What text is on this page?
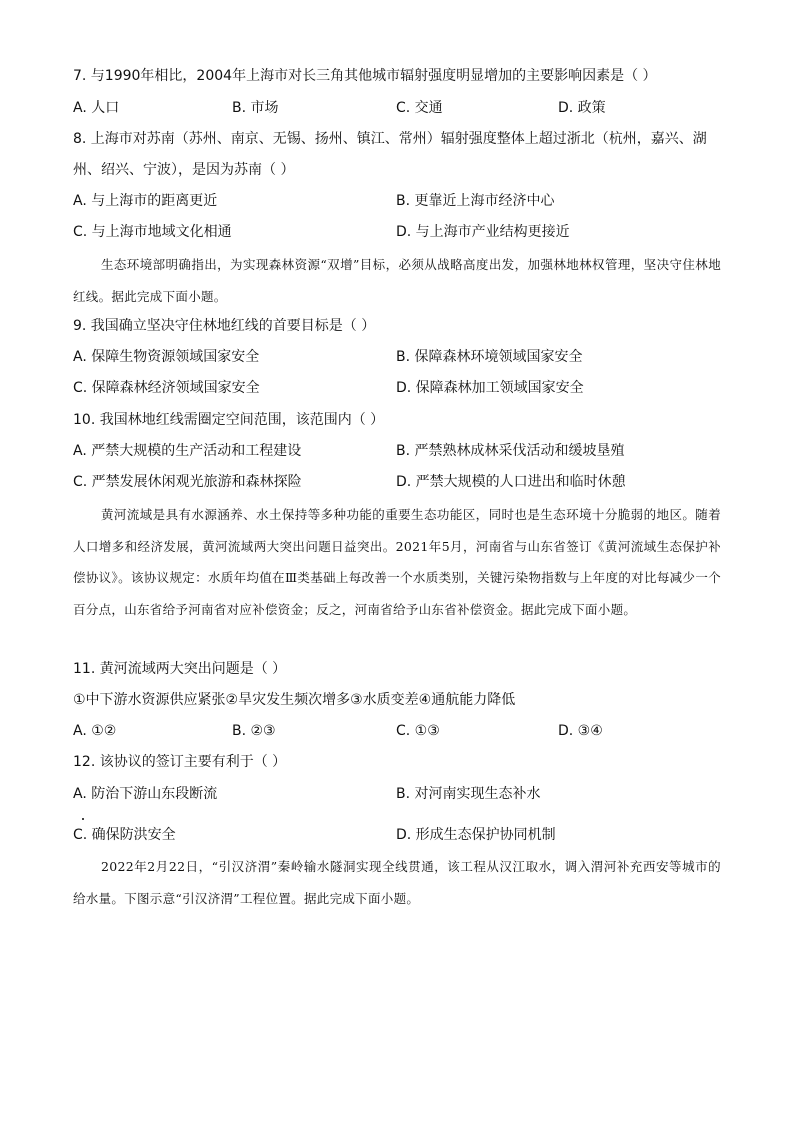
7. 与1990年相比，2004年上海市对长三角其他城市辐射强度明显增加的主要影响因素是（ ）
A. 人口	B. 市场	C. 交通	D. 政策
8. 上海市对苏南（苏州、南京、无锡、扬州、镇江、常州）辐射强度整体上超过浙北（杭州，嘉兴、湖
州、绍兴、宁波），是因为苏南（ ）
A. 与上海市的距离更近	B. 更靠近上海市经济中心
C. 与上海市地域文化相通	D. 与上海市产业结构更接近
生态环境部明确指出，为实现森林资源“双增”目标，必须从战略高度出发，加强林地林权管理，坚决守住林地红线。据此完成下面小题。
9. 我国确立坚决守住林地红线的首要目标是（ ）
A. 保障生物资源领域国家安全	B. 保障森林环境领域国家安全
C. 保障森林经济领域国家安全	D. 保障森林加工领域国家安全
10. 我国林地红线需圈定空间范围，该范围内（ ）
A. 严禁大规模的生产活动和工程建设	B. 严禁熟林成林采伐活动和缓坡垦殖
C. 严禁发展休闲观光旅游和森林探险	D. 严禁大规模的人口进出和临时休憩
黄河流域是具有水源涵养、水土保持等多种功能的重要生态功能区，同时也是生态环境十分脆弱的地区。随着人口增多和经济发展，黄河流域两大突出问题日益突出。2021年5月，河南省与山东省签订《黄河流域生态保护补偿协议》。该协议规定：水质年均值在Ⅲ类基础上每改善一个水质类别，关键污染物指数与上年度的对比每减少一个百分点，山东省给予河南省对应补偿资金；反之，河南省给予山东省补偿资金。据此完成下面小题。
11. 黄河流域两大突出问题是（ ）
①中下游水资源供应紧张②旱灾发生频次增多③水质变差④通航能力降低
A. ①②	B. ②③	C. ①③	D. ③④
12. 该协议的签订主要有利于（ ）
A. 防治下游山东段断流	B. 对河南实现生态补水
C. 确保防洪安全	D. 形成生态保护协同机制
2022年2月22日，“引汉济渭”秦岭输水隧洞实现全线贯通，该工程从汉江取水，调入渭河补充西安等城市的给水量。下图示意“引汉济渭”工程位置。据此完成下面小题。
